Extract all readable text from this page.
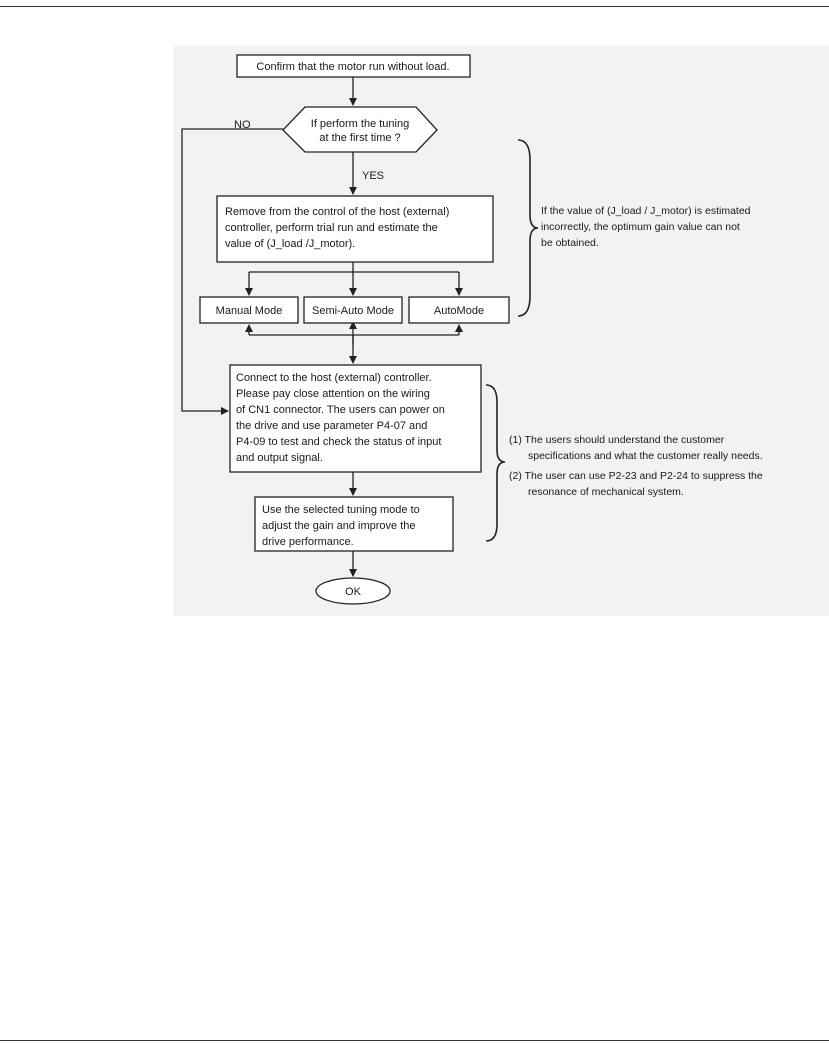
Confirm that the motor run without load.
If perform the tuning
at the first time ?
NO
YES
Remove from the control of the host (external)
controller, perform trial run and estimate the
value of (J_load /J_motor).
Manual Mode	Semi-Auto Mode	AutoMode
Connect to the host (external) controller.
Please pay close attention on the wiring
of CN1 connector. The users can power on
the drive and use parameter P4-07 and
P4-09 to test and check the status of input
and output signal.
Use the selected tuning mode to
adjust the gain and improve the
drive performance.
OK
If the value of (J_load / J_motor) is estimated
incorrectly, the optimum gain value can not
be obtained.
(1) The users should understand the customer
specifications and what the customer really needs.
(2) The user can use P2-23 and P2-24 to suppress the
resonance of mechanical system.
